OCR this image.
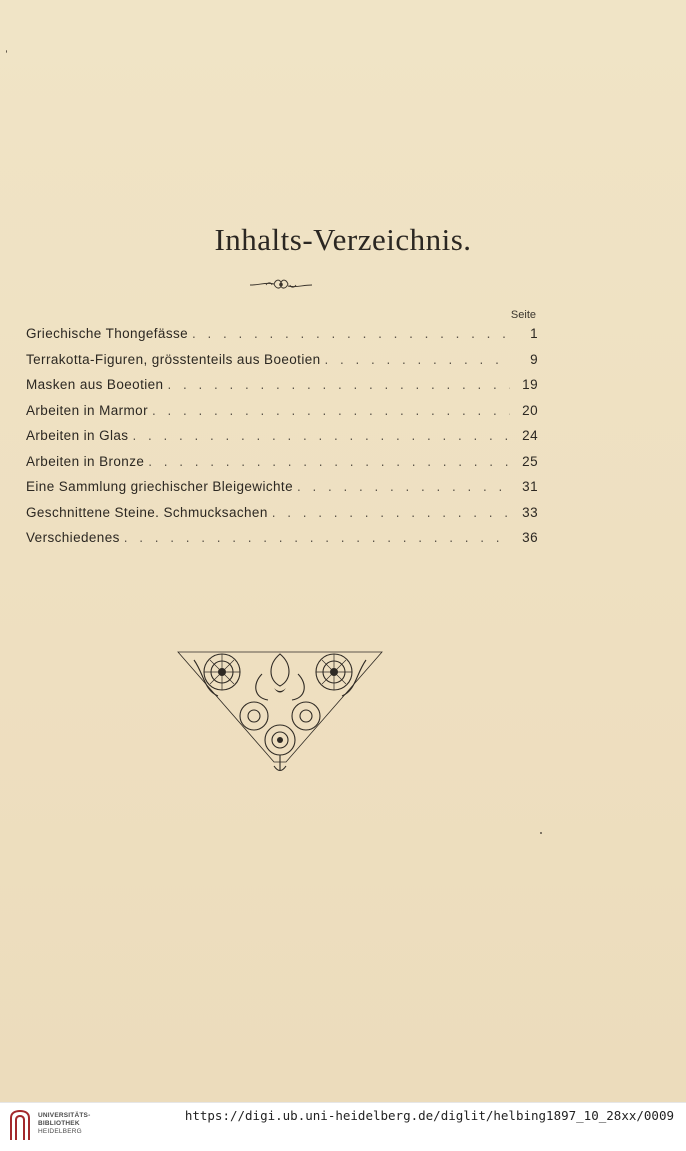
Inhalts-Verzeichnis.
Seite
Griechische Thongefässe . . .	1
Terrakotta-Figuren, grösstenteils aus Boeotien . . .	9
Masken aus Boeotien . . .	19
Arbeiten in Marmor . . .	20
Arbeiten in Glas . . .	24
Arbeiten in Bronze . . .	25
Eine Sammlung griechischer Bleigewichte . . .	31
Geschnittene Steine. Schmucksachen . . .	33
Verschiedenes . . .	36
UNIVERSITÄTS-
BIBLIOTHEK
HEIDELBERG
https://digi.ub.uni-heidelberg.de/diglit/helbing1897_10_28xx/0009
